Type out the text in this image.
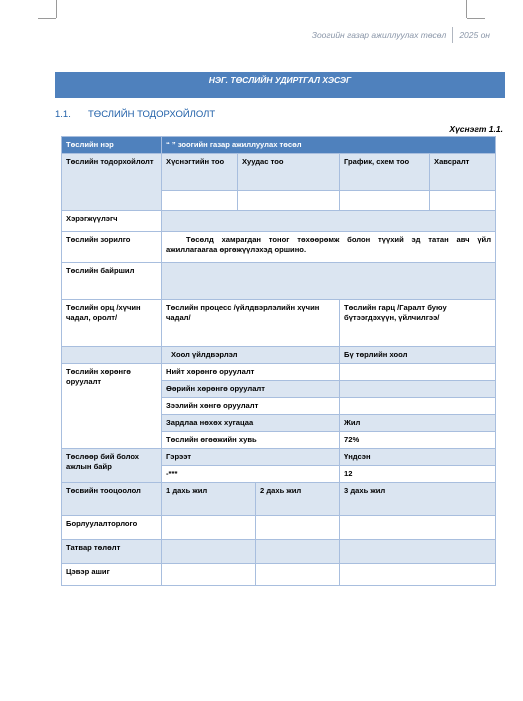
Зоогийн газар ажиллуулах төсөл 2025 он
НЭГ. ТӨСЛИЙН УДИРТГАЛ ХЭСЭГ
1.1.	ТӨСЛИЙН ТОДОРХОЙЛОЛТ
Хүснэгт 1.1.
Төслийн нэр	“ ” зоогийн газар ажиллуулах төсөл				
Төслийн тодорхойлолт	Хүснэгтийн тоо	Хуудас тоо		График, схем тоо	Хавсралт

Хэрэгжүүлэгч					
Төслийн зорилго	Төсөлд хамрагдан тоног төхөөрөмж болон түүхий эд татан авч үйл ажиллагаагаа өргөжүүлэхэд оршино.				
Төслийн байршил					
Төслийн орц /хүчин чадал, оролт/	Төслийн процесс /үйлдвэрлэлийн хүчин чадал/			Төслийн гарц /Гаралт буюу бүтээгдэхүүн, үйлчилгээ/	
	Хоол үйлдвэрлэл			Бү төрлийн хоол	
Төслийн хөрөнгө оруулалт	Нийт хөрөнгө оруулалт				
	Өөрийн хөрөнгө оруулалт				
	Зээлийн хөнгө оруулалт				
	Зардлаа нөхөх хугацаа			Жил	
	Төслийн өгөөжийн хувь			72%	
Төслөөр бий болох ажлын байр	Гэрээт			Үндсэн	
	-***			12	
Төсвийн тооцоолол	1 дахь жил		2 дахь жил	3 дахь жил	
Борлуулалторлого					
Татвар төлөлт					
Цэвэр ашиг					
